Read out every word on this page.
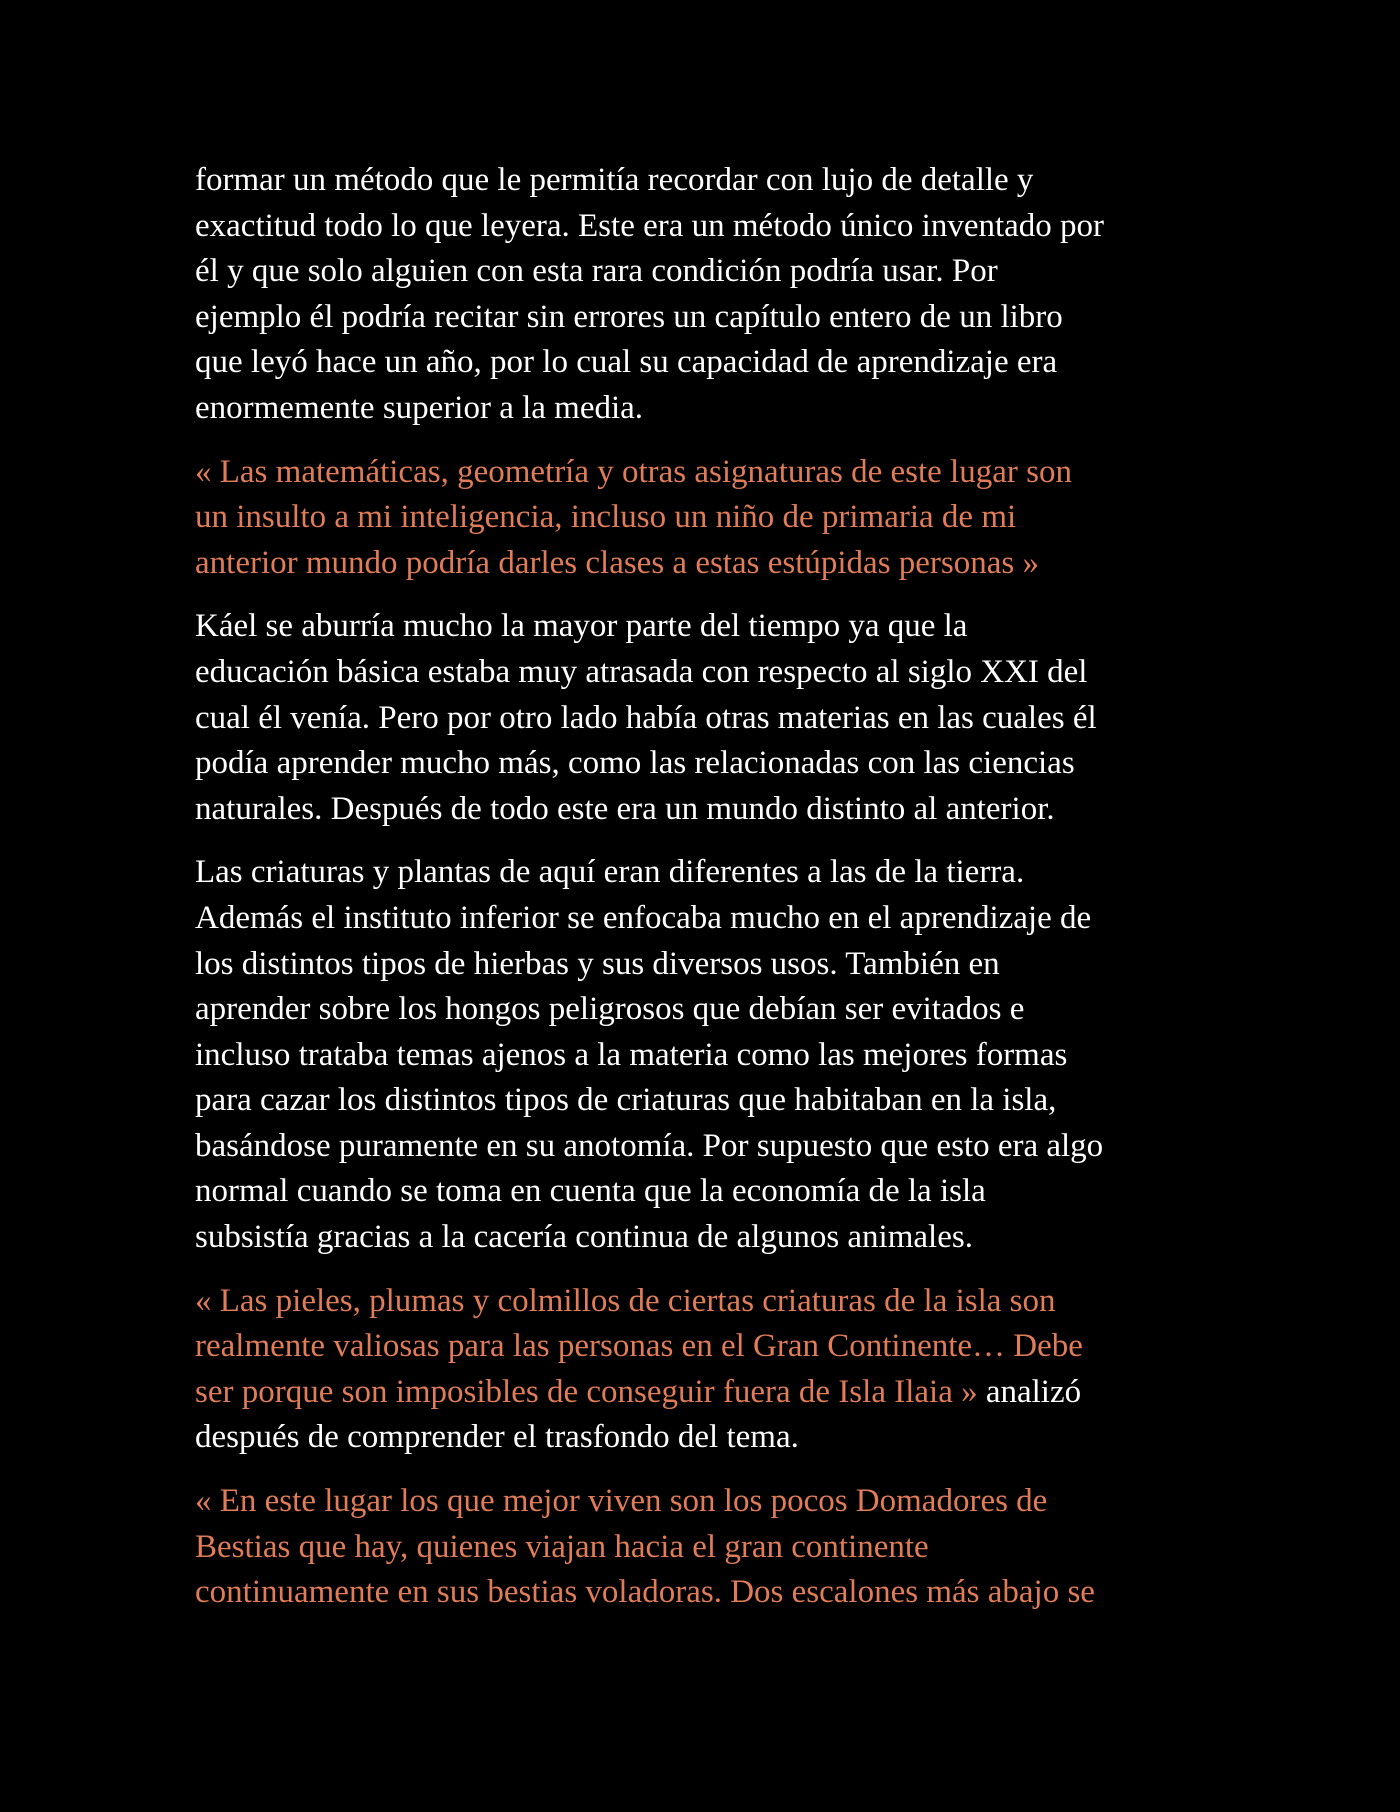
formar un método que le permitía recordar con lujo de detalle y
exactitud todo lo que leyera. Este era un método único inventado por
él y que solo alguien con esta rara condición podría usar. Por
ejemplo él podría recitar sin errores un capítulo entero de un libro
que leyó hace un año, por lo cual su capacidad de aprendizaje era
enormemente superior a la media.

« Las matemáticas, geometría y otras asignaturas de este lugar son
un insulto a mi inteligencia, incluso un niño de primaria de mi
anterior mundo podría darles clases a estas estúpidas personas »

Káel se aburría mucho la mayor parte del tiempo ya que la
educación básica estaba muy atrasada con respecto al siglo XXI del
cual él venía. Pero por otro lado había otras materias en las cuales él
podía aprender mucho más, como las relacionadas con las ciencias
naturales. Después de todo este era un mundo distinto al anterior.

Las criaturas y plantas de aquí eran diferentes a las de la tierra.
Además el instituto inferior se enfocaba mucho en el aprendizaje de
los distintos tipos de hierbas y sus diversos usos. También en
aprender sobre los hongos peligrosos que debían ser evitados e
incluso trataba temas ajenos a la materia como las mejores formas
para cazar los distintos tipos de criaturas que habitaban en la isla,
basándose puramente en su anotomía. Por supuesto que esto era algo
normal cuando se toma en cuenta que la economía de la isla
subsistía gracias a la cacería continua de algunos animales.

« Las pieles, plumas y colmillos de ciertas criaturas de la isla son
realmente valiosas para las personas en el Gran Continente… Debe
ser porque son imposibles de conseguir fuera de Isla Ilaia » analizó
después de comprender el trasfondo del tema.

« En este lugar los que mejor viven son los pocos Domadores de
Bestias que hay, quienes viajan hacia el gran continente
continuamente en sus bestias voladoras. Dos escalones más abajo se
